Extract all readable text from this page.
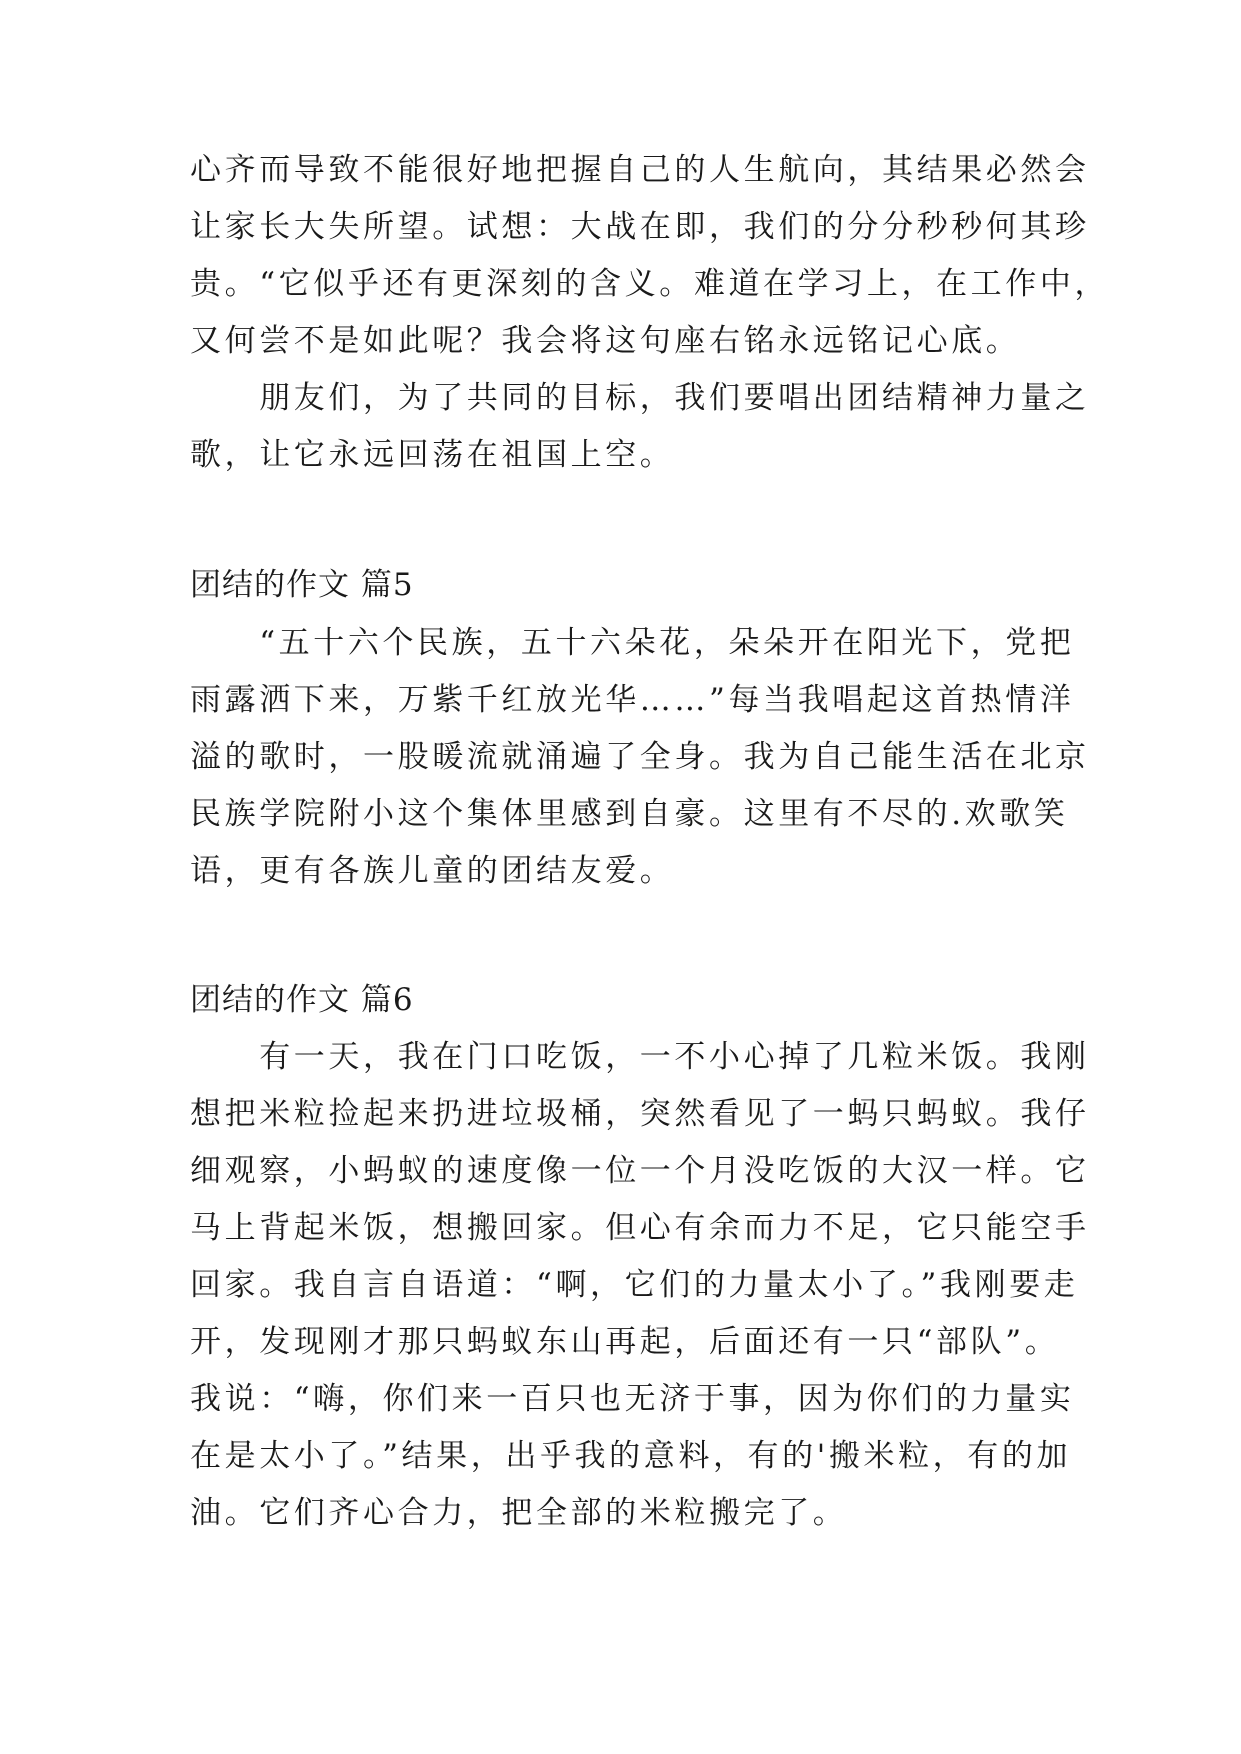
心齐而导致不能很好地把握自己的人生航向，其结果必然会
让家长大失所望。试想：大战在即，我们的分分秒秒何其珍
贵。“它似乎还有更深刻的含义。难道在学习上，在工作中，
又何尝不是如此呢？我会将这句座右铭永远铭记心底。
　　朋友们，为了共同的目标，我们要唱出团结精神力量之
歌，让它永远回荡在祖国上空。
团结的作文 篇5
　　“五十六个民族，五十六朵花，朵朵开在阳光下，党把
雨露洒下来，万紫千红放光华……”每当我唱起这首热情洋
溢的歌时，一股暖流就涌遍了全身。我为自己能生活在北京
民族学院附小这个集体里感到自豪。这里有不尽的.欢歌笑
语，更有各族儿童的团结友爱。
团结的作文 篇6
　　有一天，我在门口吃饭，一不小心掉了几粒米饭。我刚
想把米粒捡起来扔进垃圾桶，突然看见了一蚂只蚂蚁。我仔
细观察，小蚂蚁的速度像一位一个月没吃饭的大汉一样。它
马上背起米饭，想搬回家。但心有余而力不足，它只能空手
回家。我自言自语道：“啊，它们的力量太小了。”我刚要走
开，发现刚才那只蚂蚁东山再起，后面还有一只“部队”。
我说：“嗨，你们来一百只也无济于事，因为你们的力量实
在是太小了。”结果，出乎我的意料，有的'搬米粒，有的加
油。它们齐心合力，把全部的米粒搬完了。
